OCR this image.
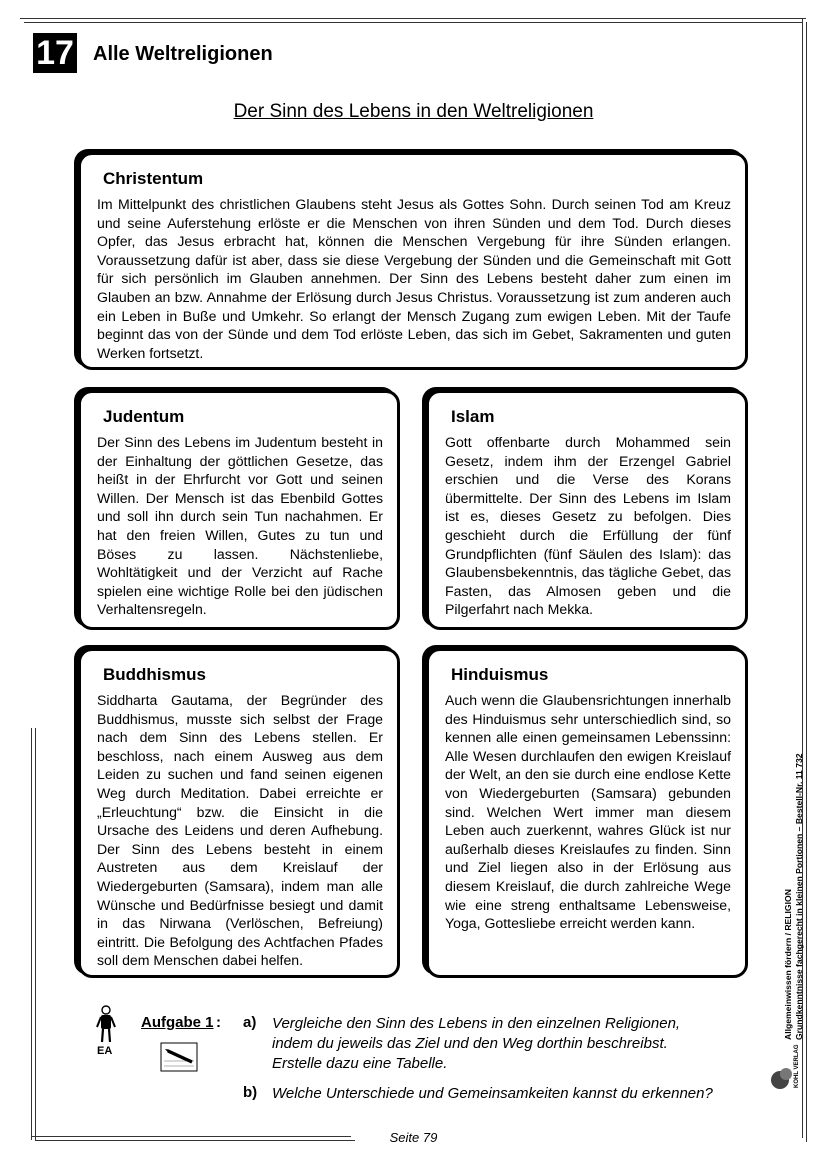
17 Alle Weltreligionen
Der Sinn des Lebens in den Weltreligionen
Christentum

Im Mittelpunkt des christlichen Glaubens steht Jesus als Gottes Sohn. Durch seinen Tod am Kreuz und seine Auferstehung erlöste er die Menschen von ihren Sünden und dem Tod. Durch dieses Opfer, das Jesus erbracht hat, können die Menschen Vergebung für ihre Sünden erlangen. Voraussetzung dafür ist aber, dass sie diese Vergebung der Sünden und die Gemeinschaft mit Gott für sich persönlich im Glauben annehmen. Der Sinn des Lebens besteht daher zum einen im Glauben an bzw. Annahme der Erlösung durch Jesus Christus. Voraussetzung ist zum anderen auch ein Leben in Buße und Umkehr. So erlangt der Mensch Zugang zum ewigen Leben. Mit der Taufe beginnt das von der Sünde und dem Tod erlöste Leben, das sich im Gebet, Sakramenten und guten Werken fortsetzt.

Judentum

Der Sinn des Lebens im Judentum besteht in der Einhaltung der göttlichen Gesetze, das heißt in der Ehrfurcht vor Gott und seinen Willen. Der Mensch ist das Ebenbild Gottes und soll ihn durch sein Tun nachahmen. Er hat den freien Willen, Gutes zu tun und Böses zu lassen. Nächstenliebe, Wohltätigkeit und der Verzicht auf Rache spielen eine wichtige Rolle bei den jüdischen Verhaltensregeln.

Islam

Gott offenbarte durch Mohammed sein Gesetz, indem ihm der Erzengel Gabriel erschien und die Verse des Korans übermittelte. Der Sinn des Lebens im Islam ist es, dieses Gesetz zu befolgen. Dies geschieht durch die Erfüllung der fünf Grundpflichten (fünf Säulen des Islam): das Glaubensbekenntnis, das tägliche Gebet, das Fasten, das Almosen geben und die Pilgerfahrt nach Mekka.

Buddhismus

Siddharta Gautama, der Begründer des Buddhismus, musste sich selbst der Frage nach dem Sinn des Lebens stellen. Er beschloss, nach einem Ausweg aus dem Leiden zu suchen und fand seinen eigenen Weg durch Meditation. Dabei erreichte er „Erleuchtung“ bzw. die Einsicht in die Ursache des Leidens und deren Aufhebung. Der Sinn des Lebens besteht in einem Austreten aus dem Kreislauf der Wiedergeburten (Samsara), indem man alle Wünsche und Bedürfnisse besiegt und damit in das Nirwana (Verlöschen, Befreiung) eintritt. Die Befolgung des Achtfachen Pfades soll dem Menschen dabei helfen.

Hinduismus

Auch wenn die Glaubensrichtungen innerhalb des Hinduismus sehr unterschiedlich sind, so kennen alle einen gemeinsamen Lebenssinn: Alle Wesen durchlaufen den ewigen Kreislauf der Welt, an den sie durch eine endlose Kette von Wiedergeburten (Samsara) gebunden sind. Welchen Wert immer man diesem Leben auch zuerkennt, wahres Glück ist nur außerhalb dieses Kreislaufes zu finden. Sinn und Ziel liegen also in der Erlösung aus diesem Kreislauf, die durch zahlreiche Wege wie eine streng enthaltsame Lebensweise, Yoga, Gottesliebe erreicht werden kann.

EA
Aufgabe 1 : a) Vergleiche den Sinn des Lebens in den einzelnen Religionen,
indem du jeweils das Ziel und den Weg dorthin beschreibst.
Erstelle dazu eine Tabelle.
b) Welche Unterschiede und Gemeinsamkeiten kannst du erkennen?
Allgemeinwissen fördern / RELIGION Grundkenntnisse fachgerecht in kleinen Portionen – Bestell-Nr. 11 732
KOHL VERLAG
Seite 79
